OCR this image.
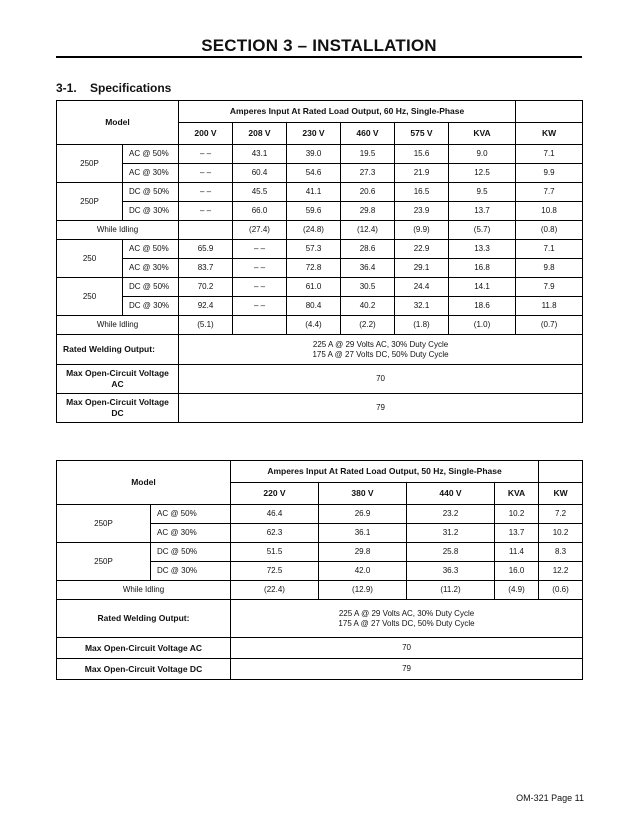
SECTION 3 – INSTALLATION
3-1. Specifications
Model		Amperes Input At Rated Load Output, 60 Hz, Single-Phase						
		200 V	208 V	230 V	460 V	575 V	KVA	KW
250P	AC @ 50%	– –	43.1	39.0	19.5	15.6	9.0	7.1
	AC @ 30%	– –	60.4	54.6	27.3	21.9	12.5	9.9
250P	DC @ 50%	– –	45.5	41.1	20.6	16.5	9.5	7.7
	DC @ 30%	– –	66.0	59.6	29.8	23.9	13.7	10.8
While Idling			(27.4)	(24.8)	(12.4)	(9.9)	(5.7)	(0.8)
250	AC @ 50%	65.9	– –	57.3	28.6	22.9	13.3	7.1
	AC @ 30%	83.7	– –	72.8	36.4	29.1	16.8	9.8
250	DC @ 50%	70.2	– –	61.0	30.5	24.4	14.1	7.9
	DC @ 30%	92.4	– –	80.4	40.2	32.1	18.6	11.8
While Idling		(5.1)		(4.4)	(2.2)	(1.8)	(1.0)	(0.7)
Rated Welding Output:		225 A @ 29 Volts AC, 30% Duty Cycle
175 A @ 27 Volts DC, 50% Duty Cycle						

Max Open-Circuit Voltage AC		70						
Max Open-Circuit Voltage DC		79						
Model		Amperes Input At Rated Load Output, 50 Hz, Single-Phase				
		220 V	380 V	440 V	KVA	KW
250P	AC @ 50%	46.4	26.9	23.2	10.2	7.2
	AC @ 30%	62.3	36.1	31.2	13.7	10.2
250P	DC @ 50%	51.5	29.8	25.8	11.4	8.3
	DC @ 30%	72.5	42.0	36.3	16.0	12.2
While Idling		(22.4)	(12.9)	(11.2)	(4.9)	(0.6)
Rated Welding Output:		225 A @ 29 Volts AC, 30% Duty Cycle
175 A @ 27 Volts DC, 50% Duty Cycle				

Max Open-Circuit Voltage AC		70				
Max Open-Circuit Voltage DC		79				
OM-321 Page 11
